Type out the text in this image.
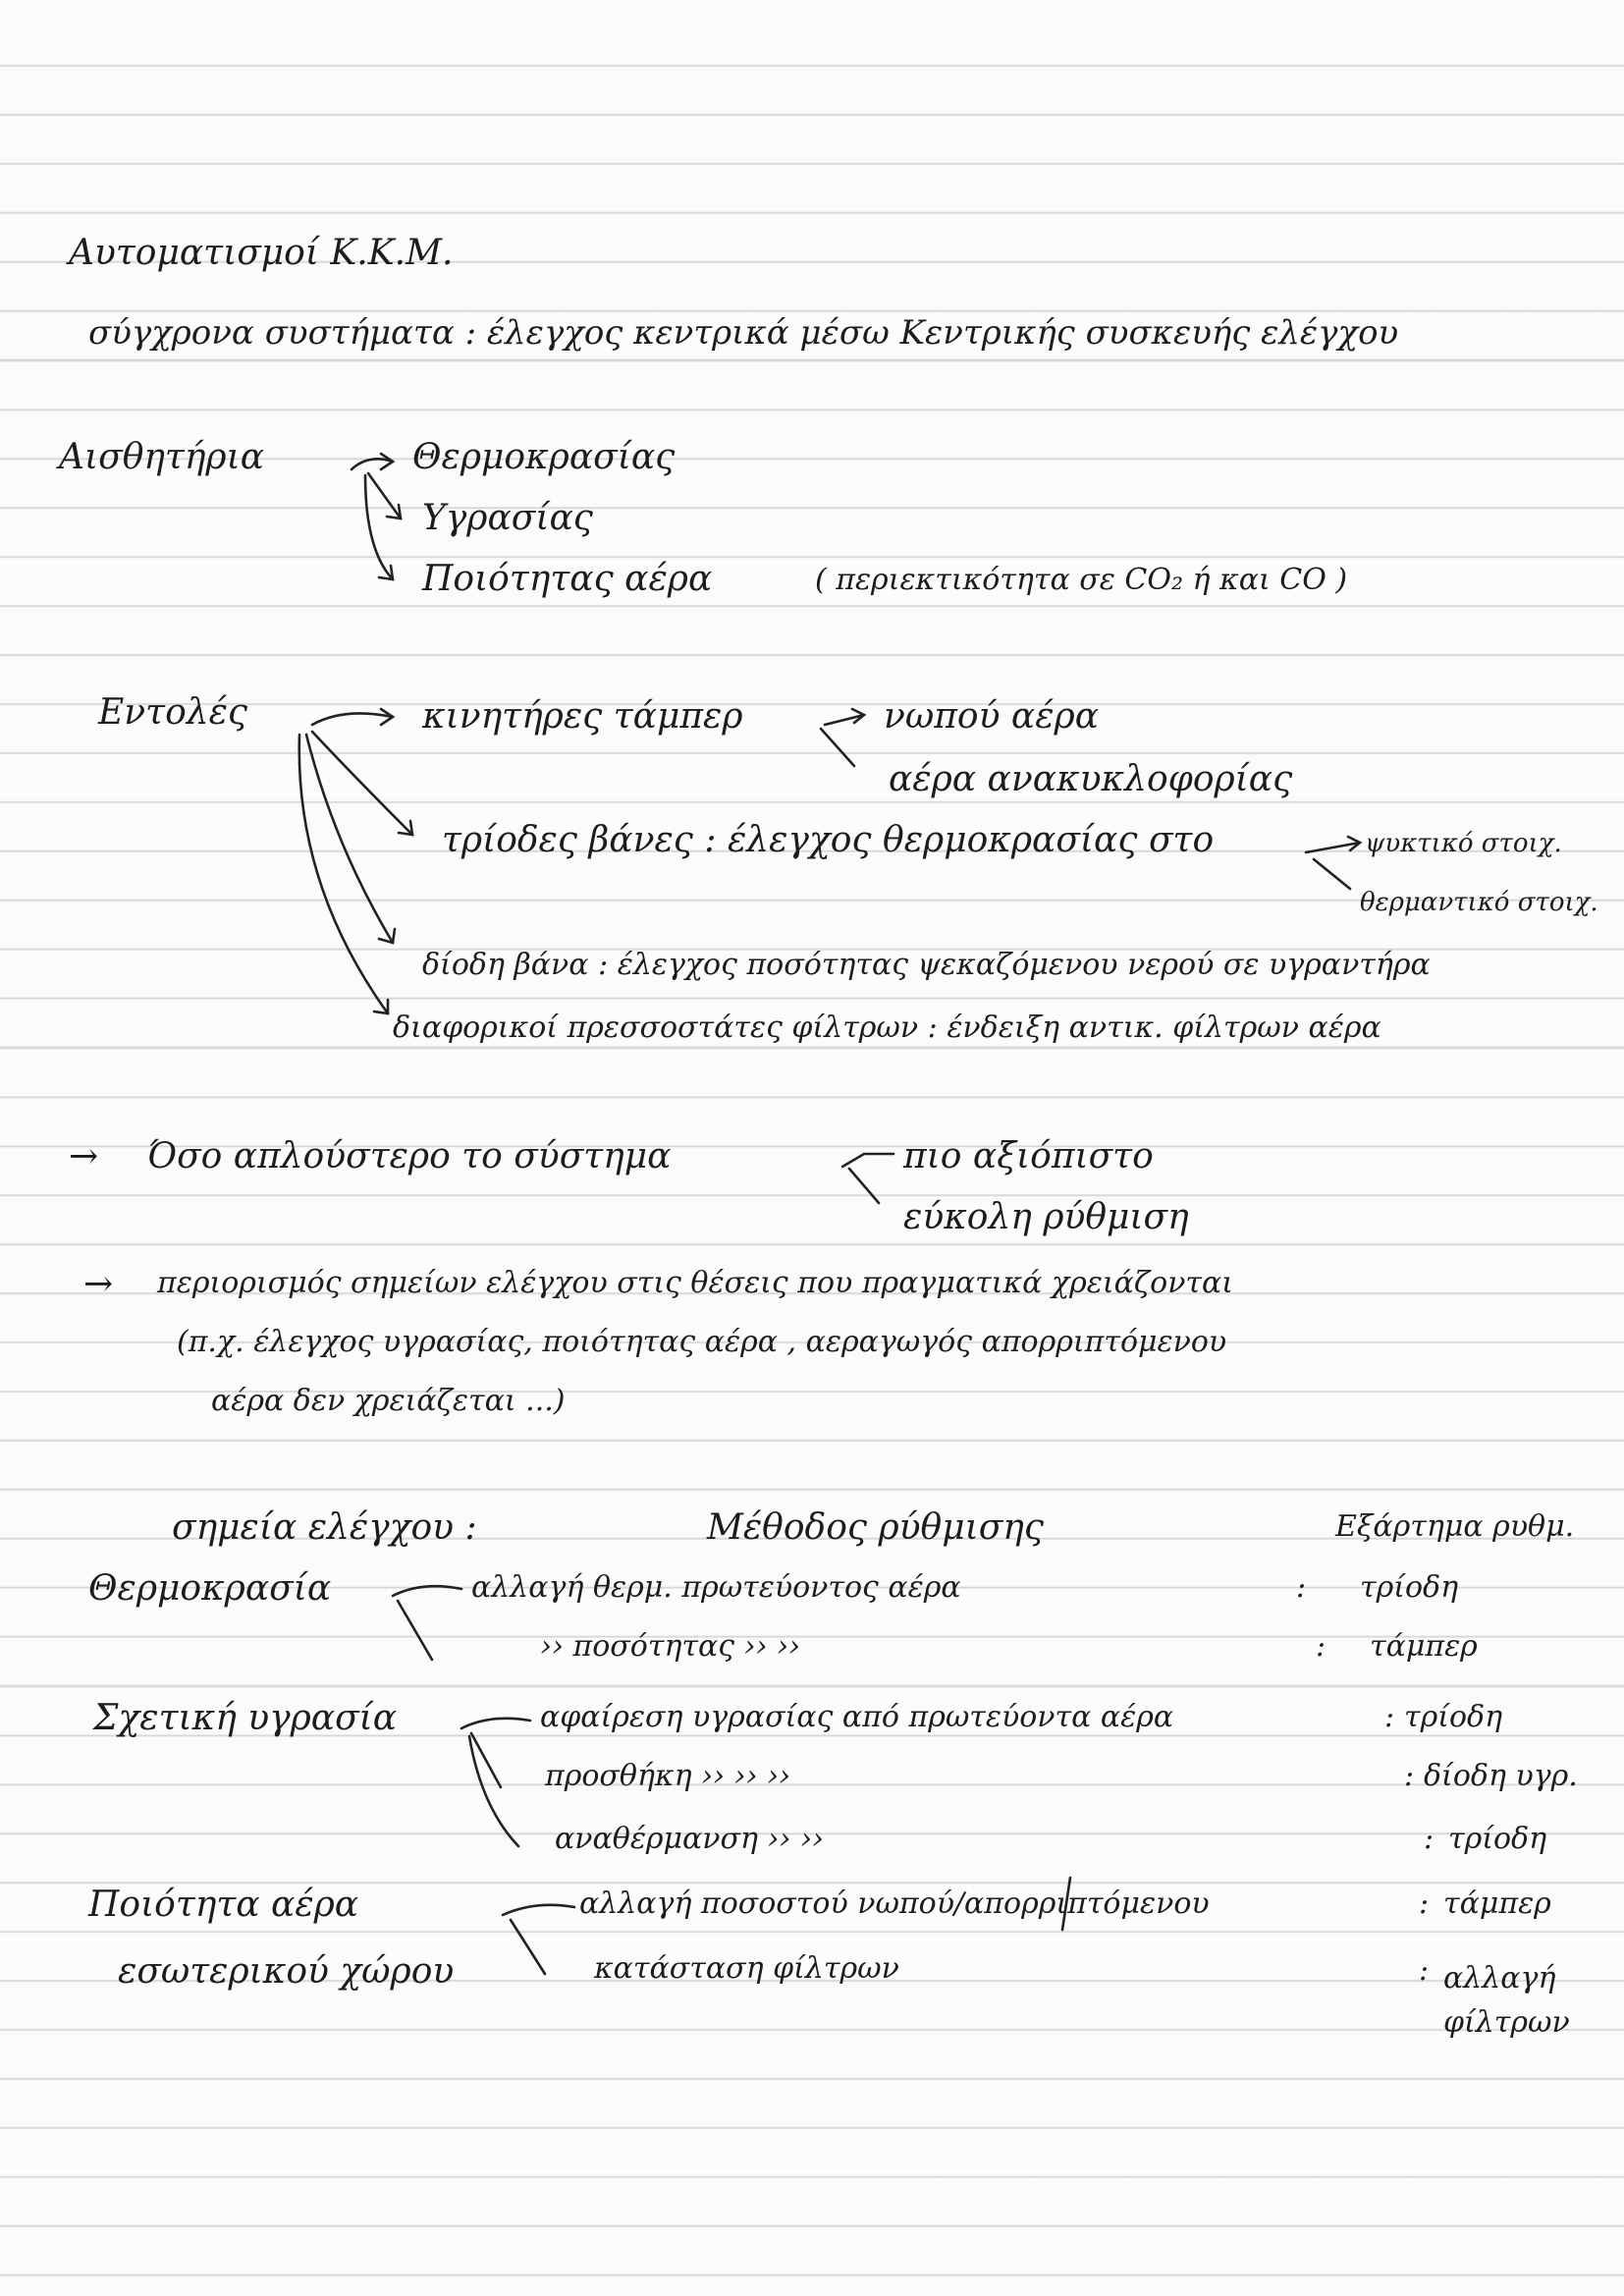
Αυτοματισμοί Κ.Κ.Μ.
σύγχρονα συστήματα : έλεγχος κεντρικά μέσω Κεντρικής συσκευής ελέγχου
Αισθητήρια	Θερμοκρασίας
Υγρασίας
Ποιότητας αέρα	( περιεκτικότητα σε CO₂ ή και CO )
Εντολές	κινητήρες τάμπερ	νωπού αέρα
αέρα ανακυκλοφορίας
τρίοδες βάνες : έλεγχος θερμοκρασίας στο	ψυκτικό στοιχ.
θερμαντικό στοιχ.
δίοδη βάνα : έλεγχος ποσότητας ψεκαζόμενου νερού σε υγραντήρα
διαφορικοί πρεσσοστάτες φίλτρων : ένδειξη αντικ. φίλτρων αέρα
→ Όσο απλούστερο το σύστημα	πιο αξιόπιστο
εύκολη ρύθμιση
→ περιορισμός σημείων ελέγχου στις θέσεις που πραγματικά χρειάζονται
(π.χ. έλεγχος υγρασίας, ποιότητας αέρα , αεραγωγός απορριπτόμενου
αέρα δεν χρειάζεται ...)
σημεία ελέγχου :	Μέθοδος ρύθμισης	Εξάρτημα ρυθμ.
Θερμοκρασία	αλλαγή θερμ. πρωτεύοντος αέρα	: τρίοδη
›› ποσότητας ›› ››	: τάμπερ
Σχετική υγρασία	αφαίρεση υγρασίας από πρωτεύοντα αέρα	: τρίοδη
προσθήκη ›› ›› ››	: δίοδη υγρ.
αναθέρμανση ›› ››	: τρίοδη
Ποιότητα αέρα
εσωτερικού χώρου
αλλαγή ποσοστού νωπού/απορριπτόμενου	: τάμπερ
κατάσταση φίλτρων	: αλλαγή φίλτρων
